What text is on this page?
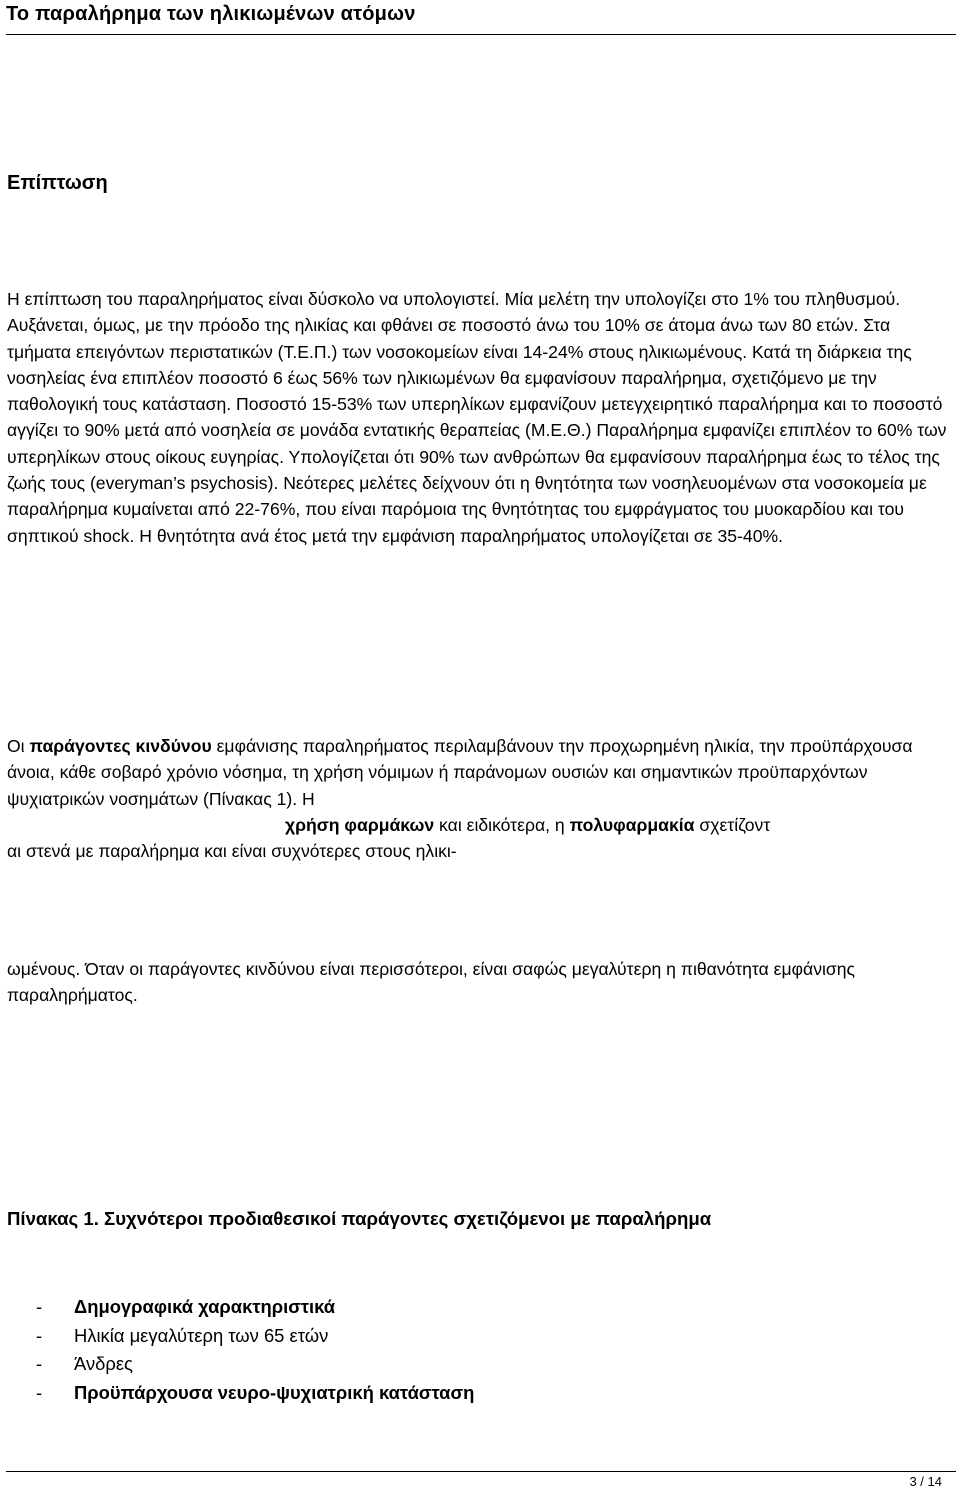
Το παραλήρημα των ηλικιωμένων ατόμων
Επίπτωση

Η επίπτωση του παραληρήματος είναι δύσκολο να υπολογιστεί. Μία μελέτη την υπολογίζει στο 1% του πληθυσμού. Αυξάνεται, όμως, με την πρόοδο της ηλικίας και φθάνει σε ποσοστό άνω του 10% σε άτομα άνω των 80 ετών. Στα τμήματα επειγόντων περιστατικών (Τ.Ε.Π.) των νοσοκομείων είναι 14-24% στους ηλικιωμένους. Κατά τη διάρκεια της νοσηλείας ένα επιπλέον ποσοστό 6 έως 56% των ηλικιωμένων θα εμφανίσουν παραλήρημα, σχετιζόμενο με την παθολογική τους κατάσταση. Ποσοστό 15-53% των υπερηλίκων εμφανίζουν μετεγχειρητικό παραλήρημα και το ποσοστό αγγίζει το 90% μετά από νοσηλεία σε μονάδα εντατικής θεραπείας (Μ.Ε.Θ.) Παραλήρημα εμφανίζει επιπλέον το 60% των υπερηλίκων στους οίκους ευγηρίας. Υπολογίζεται ότι 90% των ανθρώπων θα εμφανίσουν παραλήρημα έως το τέλος της ζωής τους (everyman’s psychosis). Νεότερες μελέτες δείχνουν ότι η θνητότητα των νοσηλευομένων στα νοσοκομεία με παραλήρημα κυμαίνεται από 22-76%, που είναι παρόμοια της θνητότητας του εμφράγματος του μυοκαρδίου και του σηπτικού shock. Η θνητότητα ανά έτος μετά την εμφάνιση παραληρήματος υπολογίζεται σε 35-40%.

Οι παράγοντες κινδύνου εμφάνισης παραληρήματος περιλαμβάνουν την προχωρημένη ηλικία, την προϋπάρχουσα άνοια, κάθε σοβαρό χρόνιο νόσημα, τη χρήση νόμιμων ή παράνομων ουσιών και σημαντικών προϋπαρχόντων ψυχιατρικών νοσημάτων (Πίνακας 1). Η
χρήση φαρμάκων και ειδικότερα, η πολυφαρμακία σχετίζοντ
αι στενά με παραλήρημα και είναι συχνότερες στους ηλικι-

ωμένους. Όταν οι παράγοντες κινδύνου είναι περισσότεροι, είναι σαφώς μεγαλύτερη η πιθανότητα εμφάνισης παραληρήματος.

Πίνακας 1. Συχνότεροι προδιαθεσικοί παράγοντες σχετιζόμενοι με παραλήρημα
- Δημογραφικά χαρακτηριστικά
- Ηλικία μεγαλύτερη των 65 ετών
- Άνδρες
- Προϋπάρχουσα νευρο-ψυχιατρική κατάσταση
3 / 14
